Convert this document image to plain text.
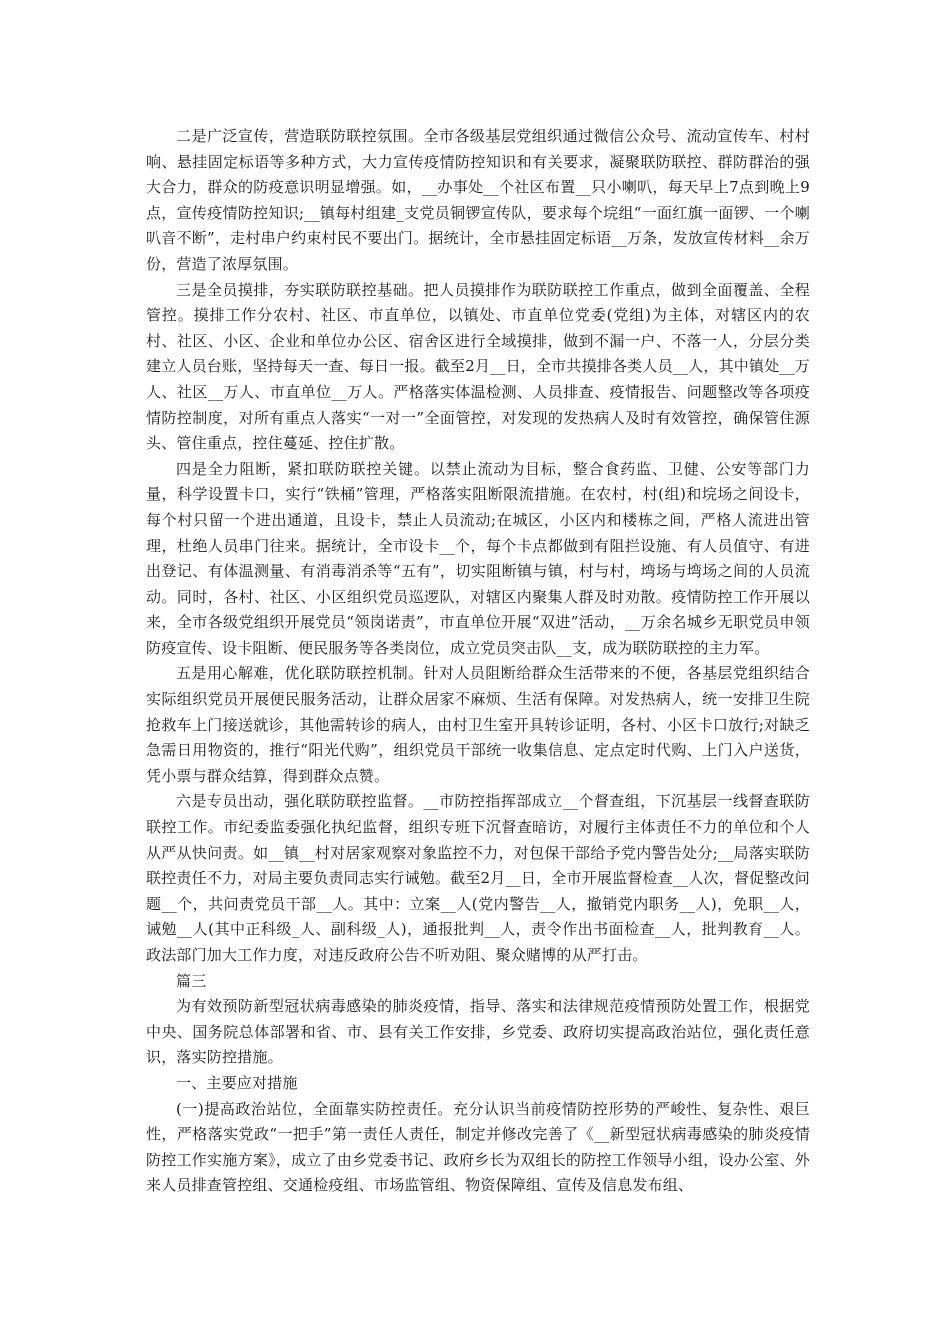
二是广泛宣传，营造联防联控氛围。全市各级基层党组织通过微信公众号、流动宣传车、村村响、悬挂固定标语等多种方式，大力宣传疫情防控知识和有关要求，凝聚联防联控、群防群治的强大合力，群众的防疫意识明显增强。如，__办事处__个社区布置__只小喇叭，每天早上7点到晚上9点，宣传疫情防控知识;__镇每村组建_支党员铜锣宣传队，要求每个垸组“一面红旗一面锣、一个喇叭音不断”，走村串户约束村民不要出门。据统计，全市悬挂固定标语__万条，发放宣传材料__余万份，营造了浓厚氛围。

三是全员摸排，夯实联防联控基础。把人员摸排作为联防联控工作重点，做到全面覆盖、全程管控。摸排工作分农村、社区、市直单位，以镇处、市直单位党委(党组)为主体，对辖区内的农村、社区、小区、企业和单位办公区、宿舍区进行全域摸排，做到不漏一户、不落一人，分层分类建立人员台账，坚持每天一查、每日一报。截至2月__日，全市共摸排各类人员__人，其中镇处__万人、社区__万人、市直单位__万人。严格落实体温检测、人员排查、疫情报告、问题整改等各项疫情防控制度，对所有重点人落实“一对一”全面管控，对发现的发热病人及时有效管控，确保管住源头、管住重点，控住蔓延、控住扩散。

四是全力阻断，紧扣联防联控关键。以禁止流动为目标，整合食药监、卫健、公安等部门力量，科学设置卡口，实行“铁桶”管理，严格落实阻断限流措施。在农村，村(组)和垸场之间设卡，每个村只留一个进出通道，且设卡，禁止人员流动;在城区，小区内和楼栋之间，严格人流进出管理，杜绝人员串门往来。据统计，全市设卡__个，每个卡点都做到有阻拦设施、有人员值守、有进出登记、有体温测量、有消毒消杀等“五有”，切实阻断镇与镇，村与村，塆场与塆场之间的人员流动。同时，各村、社区、小区组织党员巡逻队，对辖区内聚集人群及时劝散。疫情防控工作开展以来，全市各级党组织开展党员“领岗诺责”，市直单位开展“双进”活动，__万余名城乡无职党员申领防疫宣传、设卡阻断、便民服务等各类岗位，成立党员突击队__支，成为联防联控的主力军。

五是用心解难，优化联防联控机制。针对人员阻断给群众生活带来的不便，各基层党组织结合实际组织党员开展便民服务活动，让群众居家不麻烦、生活有保障。对发热病人，统一安排卫生院抢救车上门接送就诊，其他需转诊的病人，由村卫生室开具转诊证明，各村、小区卡口放行;对缺乏急需日用物资的，推行“阳光代购”，组织党员干部统一收集信息、定点定时代购、上门入户送货，凭小票与群众结算，得到群众点赞。

六是专员出动，强化联防联控监督。__市防控指挥部成立__个督查组，下沉基层一线督查联防联控工作。市纪委监委强化执纪监督，组织专班下沉督查暗访，对履行主体责任不力的单位和个人从严从快问责。如__镇__村对居家观察对象监控不力，对包保干部给予党内警告处分;__局落实联防联控责任不力，对局主要负责同志实行诫勉。截至2月__日，全市开展监督检查__人次，督促整改问题__个，共问责党员干部__人。其中：立案__人(党内警告__人，撤销党内职务__人)，免职__人，诫勉__人(其中正科级_人、副科级_人)，通报批判__人，责令作出书面检查__人，批判教育__人。政法部门加大工作力度，对违反政府公告不听劝阻、聚众赌博的从严打击。

篇三

为有效预防新型冠状病毒感染的肺炎疫情，指导、落实和法律规范疫情预防处置工作，根据党中央、国务院总体部署和省、市、县有关工作安排，乡党委、政府切实提高政治站位，强化责任意识，落实防控措施。

一、主要应对措施

(一)提高政治站位，全面靠实防控责任。充分认识当前疫情防控形势的严峻性、复杂性、艰巨性，严格落实党政“一把手”第一责任人责任，制定并修改完善了《__新型冠状病毒感染的肺炎疫情防控工作实施方案》，成立了由乡党委书记、政府乡长为双组长的防控工作领导小组，设办公室、外来人员排查管控组、交通检疫组、市场监管组、物资保障组、宣传及信息发布组、
